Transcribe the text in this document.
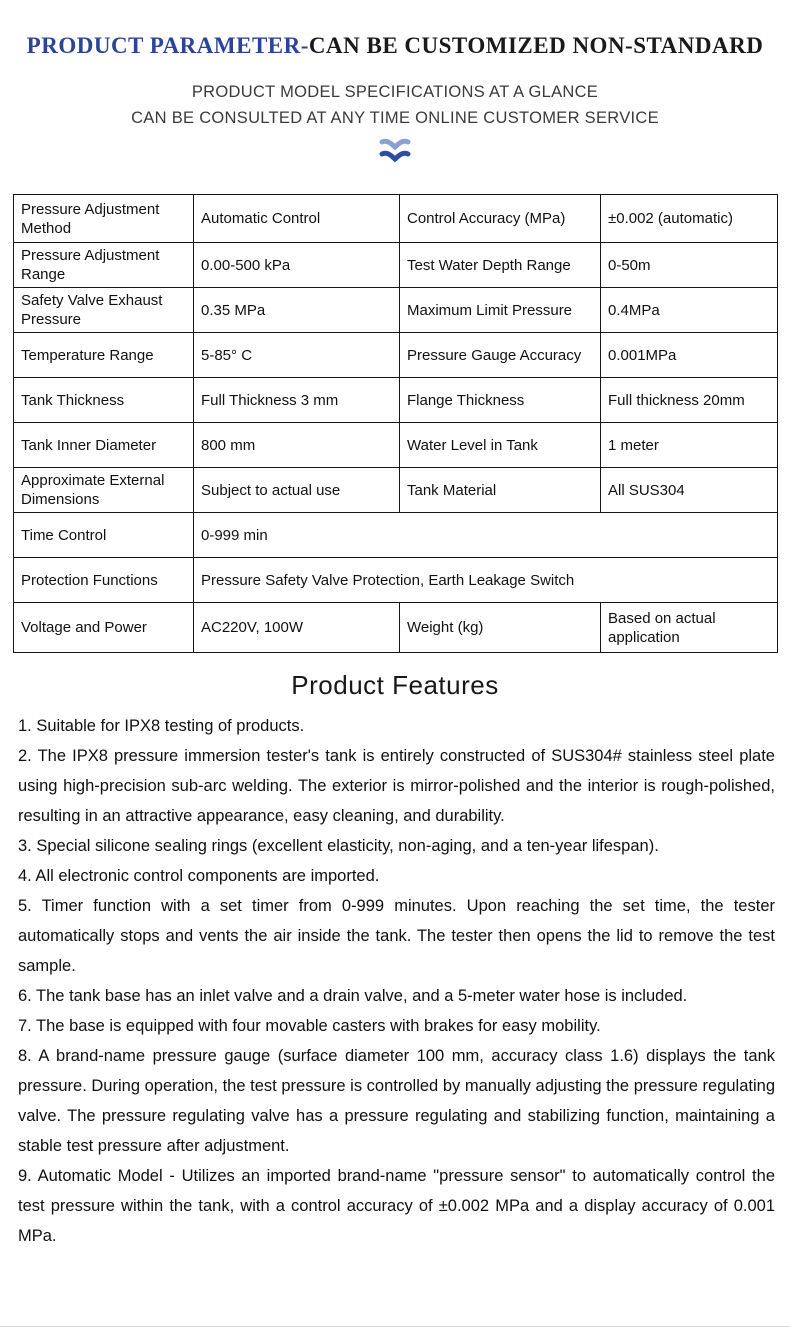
PRODUCT PARAMETER-CAN BE CUSTOMIZED NON-STANDARD
PRODUCT MODEL SPECIFICATIONS AT A GLANCE
CAN BE CONSULTED AT ANY TIME ONLINE CUSTOMER SERVICE
Pressure Adjustment Method	Automatic Control	Control Accuracy (MPa)	±0.002 (automatic)
Pressure Adjustment Range	0.00-500 kPa	Test Water Depth Range	0-50m
Safety Valve Exhaust Pressure	0.35 MPa	Maximum Limit Pressure	0.4MPa
Temperature Range	5-85° C	Pressure Gauge Accuracy	0.001MPa
Tank Thickness	Full Thickness 3 mm	Flange Thickness	Full thickness 20mm
Tank Inner Diameter	800 mm	Water Level in Tank	1 meter
Approximate External Dimensions	Subject to actual use	Tank Material	All SUS304
Time Control	0-999 min		
Protection Functions	Pressure Safety Valve Protection, Earth Leakage Switch		
Voltage and Power	AC220V, 100W	Weight (kg)	Based on actual application
Product Features
1. Suitable for IPX8 testing of products.
2. The IPX8 pressure immersion tester's tank is entirely constructed of SUS304# stainless steel plate using high-precision sub-arc welding. The exterior is mirror-polished and the interior is rough-polished, resulting in an attractive appearance, easy cleaning, and durability.
3. Special silicone sealing rings (excellent elasticity, non-aging, and a ten-year lifespan).
4. All electronic control components are imported.
5. Timer function with a set timer from 0-999 minutes. Upon reaching the set time, the tester automatically stops and vents the air inside the tank. The tester then opens the lid to remove the test sample.
6. The tank base has an inlet valve and a drain valve, and a 5-meter water hose is included.
7. The base is equipped with four movable casters with brakes for easy mobility.
8. A brand-name pressure gauge (surface diameter 100 mm, accuracy class 1.6) displays the tank pressure. During operation, the test pressure is controlled by manually adjusting the pressure regulating valve. The pressure regulating valve has a pressure regulating and stabilizing function, maintaining a stable test pressure after adjustment.
9. Automatic Model - Utilizes an imported brand-name "pressure sensor" to automatically control the test pressure within the tank, with a control accuracy of ±0.002 MPa and a display accuracy of 0.001 MPa.
